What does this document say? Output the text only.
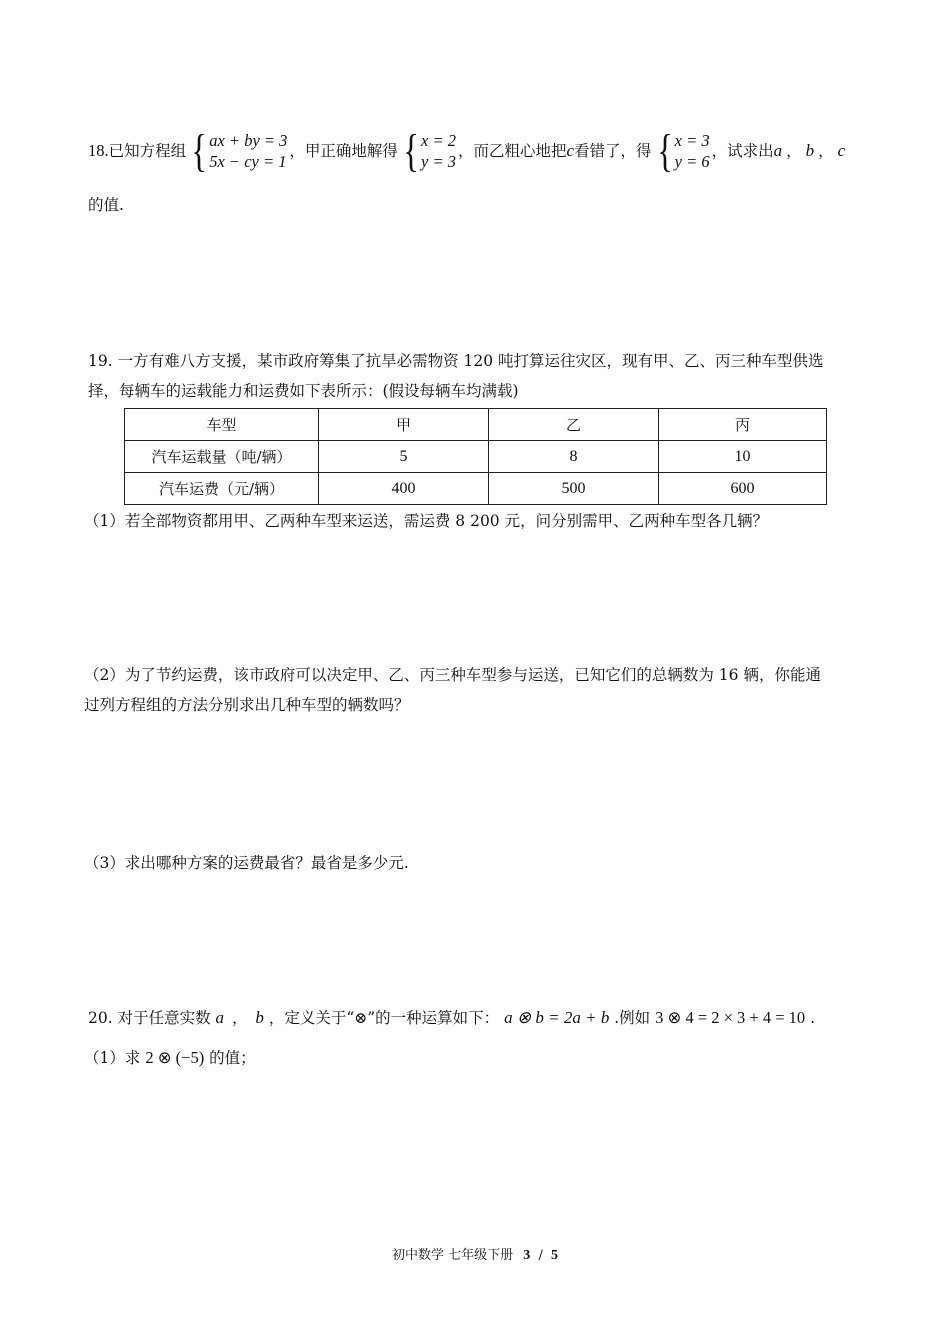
18. 已知方程组 { ax + by = 3
5x − cy = 1
，甲正确地解得 { x = 2
y = 3
，而乙粗心地把 c 看错了，得 { x = 3
y = 6
，试求出 a ， b ， c
的值.
19. 一方有难八方支援，某市政府筹集了抗旱必需物资 120 吨打算运往灾区，现有甲、乙、丙三种车型供选
择，每辆车的运载能力和运费如下表所示：(假设每辆车均满载)
车型	甲	乙	丙
汽车运载量（吨/辆）	5	8	10
汽车运费（元/辆）	400	500	600
（1）若全部物资都用甲、乙两种车型来运送，需运费 8 200 元，问分别需甲、乙两种车型各几辆？
（2）为了节约运费，该市政府可以决定甲、乙、丙三种车型参与运送，已知它们的总辆数为 16 辆，你能通
过列方程组的方法分别求出几种车型的辆数吗？
（3）求出哪种方案的运费最省？最省是多少元.
20. 对于任意实数 a ， b ，定义关于“⊗”的一种运算如下： a ⊗ b = 2a + b .例如 3 ⊗ 4 = 2 × 3 + 4 = 10 .
（1）求 2 ⊗ (−5) 的值；
初中数学 七年级下册 3 / 5
